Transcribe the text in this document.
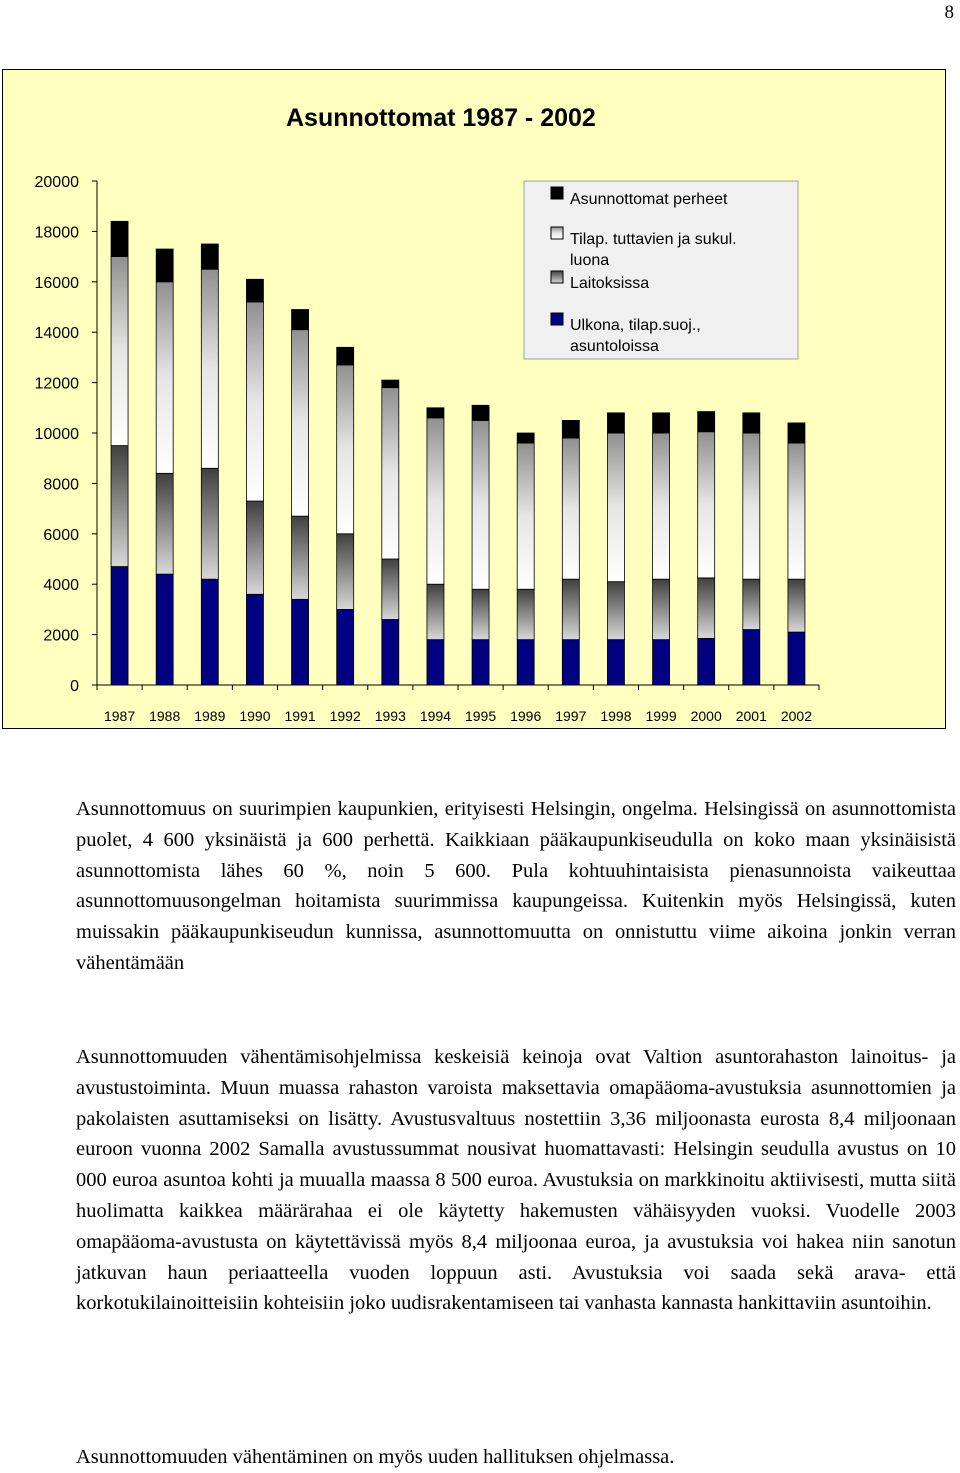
8
Asunnottomat 1987 - 2002
0
2000
4000
6000
8000
10000
12000
14000
16000
18000
20000
1987 1988 1989 1990 1991 1992 1993 1994 1995 1996 1997 1998 1999 2000 2001 2002
Asunnottomat perheet
Tilap. tuttavien ja sukul.
luona
Laitoksissa
Ulkona, tilap.suoj.,
asuntoloissa

Asunnottomuus on suurimpien kaupunkien, erityisesti Helsingin, ongelma. Helsingissä on asunnottomista puolet, 4 600 yksinäistä ja 600 perhettä. Kaikkiaan pääkaupunkiseudulla on koko maan yksinäisistä asunnottomista lähes 60 %, noin 5 600. Pula kohtuuhintaisista pienasunnoista vaikeuttaa asunnottomuusongelman hoitamista suurimmissa kaupungeissa. Kuitenkin myös Helsingissä, kuten muissakin pääkaupunkiseudun kunnissa, asunnottomuutta on onnistuttu viime aikoina jonkin verran vähentämään

Asunnottomuuden vähentämisohjelmissa keskeisiä keinoja ovat Valtion asuntorahaston lainoitus- ja avustustoiminta. Muun muassa rahaston varoista maksettavia omapääoma-avustuksia asunnottomien ja pakolaisten asuttamiseksi on lisätty. Avustusvaltuus nostettiin 3,36 miljoonasta eurosta 8,4 miljoonaan euroon vuonna 2002 Samalla avustussummat nousivat huomattavasti: Helsingin seudulla avustus on 10 000 euroa asuntoa kohti ja muualla maassa 8 500 euroa. Avustuksia on markkinoitu aktiivisesti, mutta siitä huolimatta kaikkea määrärahaa ei ole käytetty hakemusten vähäisyyden vuoksi. Vuodelle 2003 omapääoma-avustusta on käytettävissä myös 8,4 miljoonaa euroa, ja avustuksia voi hakea niin sanotun jatkuvan haun periaatteella vuoden loppuun asti. Avustuksia voi saada sekä arava- että korkotukilainoitteisiin kohteisiin joko uudisrakentamiseen tai vanhasta kannasta hankittaviin asuntoihin.

Asunnottomuuden vähentäminen on myös uuden hallituksen ohjelmassa.
